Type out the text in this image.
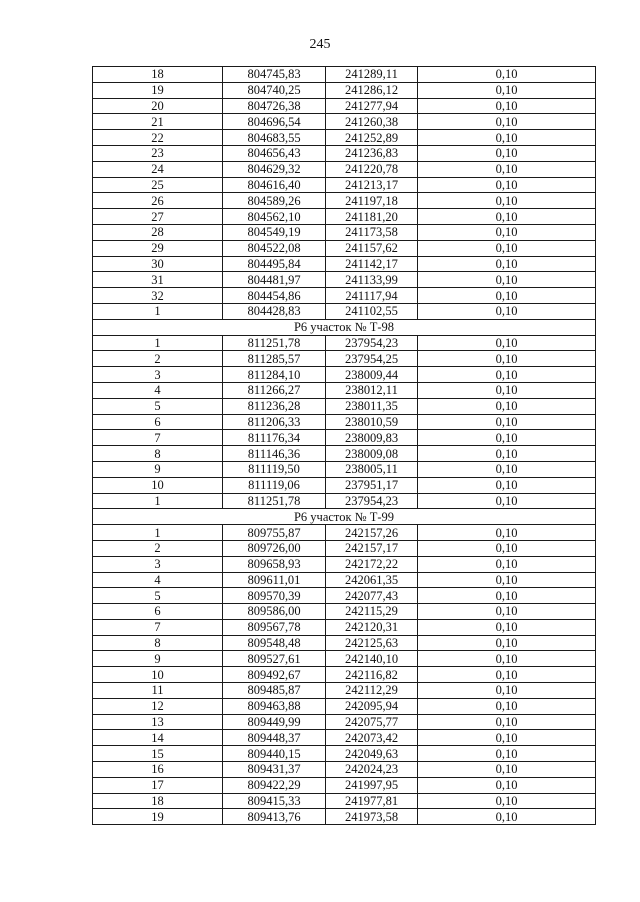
245
18	804745,83	241289,11	0,10
19	804740,25	241286,12	0,10
20	804726,38	241277,94	0,10
21	804696,54	241260,38	0,10
22	804683,55	241252,89	0,10
23	804656,43	241236,83	0,10
24	804629,32	241220,78	0,10
25	804616,40	241213,17	0,10
26	804589,26	241197,18	0,10
27	804562,10	241181,20	0,10
28	804549,19	241173,58	0,10
29	804522,08	241157,62	0,10
30	804495,84	241142,17	0,10
31	804481,97	241133,99	0,10
32	804454,86	241117,94	0,10
1	804428,83	241102,55	0,10
Р6 участок № Т-98			
1	811251,78	237954,23	0,10
2	811285,57	237954,25	0,10
3	811284,10	238009,44	0,10
4	811266,27	238012,11	0,10
5	811236,28	238011,35	0,10
6	811206,33	238010,59	0,10
7	811176,34	238009,83	0,10
8	811146,36	238009,08	0,10
9	811119,50	238005,11	0,10
10	811119,06	237951,17	0,10
1	811251,78	237954,23	0,10
Р6 участок № Т-99			
1	809755,87	242157,26	0,10
2	809726,00	242157,17	0,10
3	809658,93	242172,22	0,10
4	809611,01	242061,35	0,10
5	809570,39	242077,43	0,10
6	809586,00	242115,29	0,10
7	809567,78	242120,31	0,10
8	809548,48	242125,63	0,10
9	809527,61	242140,10	0,10
10	809492,67	242116,82	0,10
11	809485,87	242112,29	0,10
12	809463,88	242095,94	0,10
13	809449,99	242075,77	0,10
14	809448,37	242073,42	0,10
15	809440,15	242049,63	0,10
16	809431,37	242024,23	0,10
17	809422,29	241997,95	0,10
18	809415,33	241977,81	0,10
19	809413,76	241973,58	0,10
